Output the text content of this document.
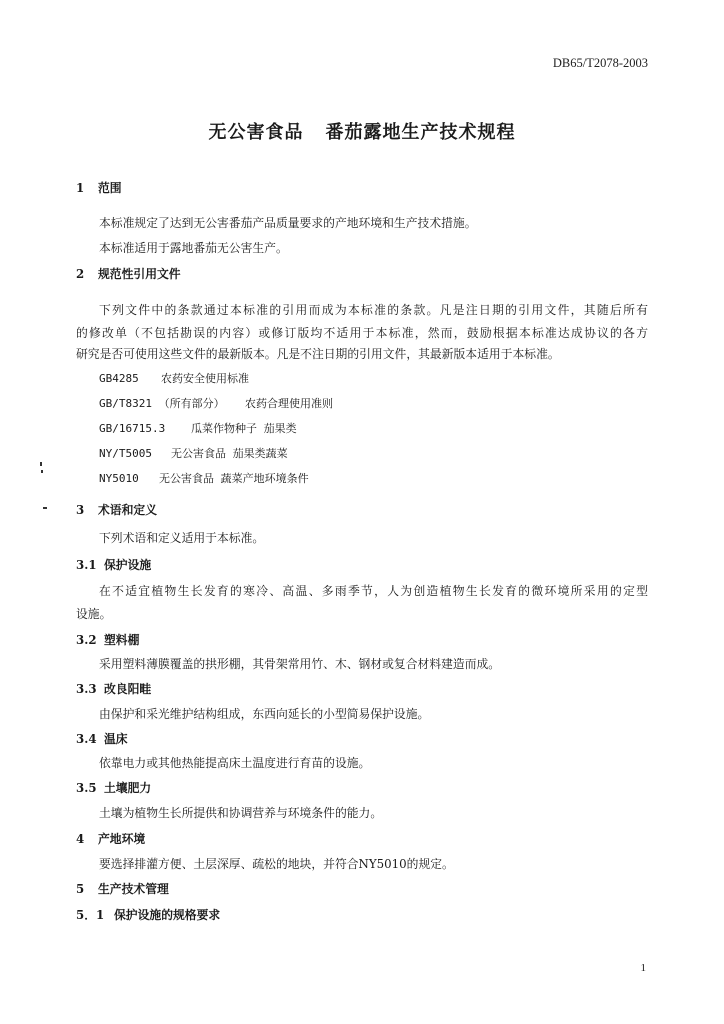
DB65/T2078-2003
无公害食品 番茄露地生产技术规程
1 范围
本标准规定了达到无公害番茄产品质量要求的产地环境和生产技术措施。
本标准适用于露地番茄无公害生产。
2 规范性引用文件
下列文件中的条款通过本标准的引用而成为本标准的条款。凡是注日期的引用文件，其随后所有
的修改单（不包括勘误的内容）或修订版均不适用于本标准，然而，鼓励根据本标准达成协议的各方
研究是否可使用这些文件的最新版本。凡是不注日期的引用文件，其最新版本适用于本标准。
GB4285 农药安全使用标准
GB/T8321 （所有部分） 农药合理使用准则
GB/16715.3 瓜菜作物种子 茄果类
NY/T5005 无公害食品 茄果类蔬菜
NY5010 无公害食品 蔬菜产地环境条件
3 术语和定义
下列术语和定义适用于本标准。
3.1 保护设施
在不适宜植物生长发育的寒冷、高温、多雨季节，人为创造植物生长发育的微环境所采用的定型
设施。
3.2 塑料棚
采用塑料薄膜覆盖的拱形棚，其骨架常用竹、木、钢材或复合材料建造而成。
3.3 改良阳畦
由保护和采光维护结构组成，东西向延长的小型简易保护设施。
3.4 温床
依靠电力或其他热能提高床土温度进行育苗的设施。
3.5 土壤肥力
土壤为植物生长所提供和协调营养与环境条件的能力。
4 产地环境
要选择排灌方便、土层深厚、疏松的地块，并符合NY5010的规定。
5 生产技术管理
5．1 保护设施的规格要求
1
